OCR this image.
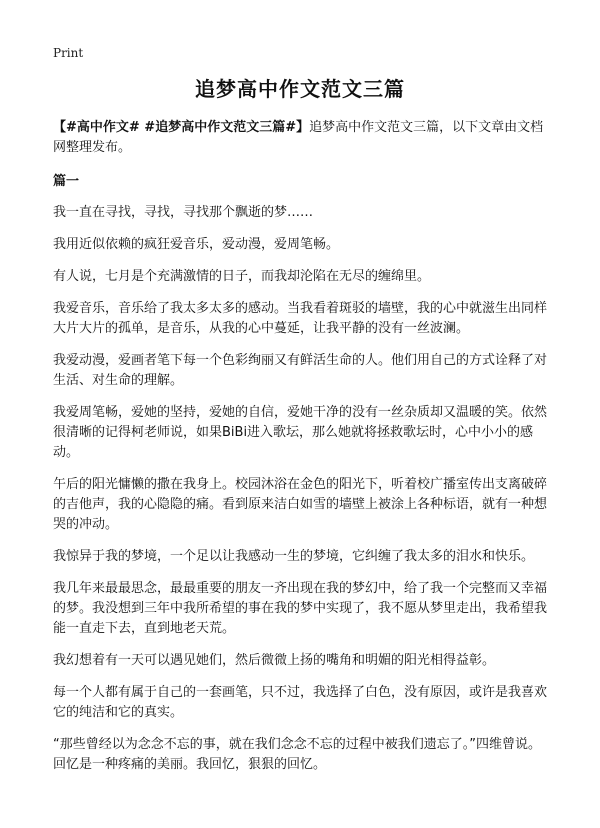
Print
追梦高中作文范文三篇

【#高中作文# #追梦高中作文范文三篇#】追梦高中作文范文三篇，以下文章由文档网整理发布。

篇一

我一直在寻找，寻找，寻找那个飘逝的梦……

我用近似依赖的疯狂爱音乐，爱动漫，爱周笔畅。

有人说，七月是个充满激情的日子，而我却沦陷在无尽的缠绵里。

我爱音乐，音乐给了我太多太多的感动。当我看着斑驳的墙壁，我的心中就滋生出同样大片大片的孤单，是音乐，从我的心中蔓延，让我平静的没有一丝波澜。

我爱动漫，爱画者笔下每一个色彩绚丽又有鲜活生命的人。他们用自己的方式诠释了对生活、对生命的理解。

我爱周笔畅，爱她的坚持，爱她的自信，爱她干净的没有一丝杂质却又温暖的笑。依然很清晰的记得柯老师说，如果BiBi进入歌坛，那么她就将拯救歌坛时，心中小小的感动。

午后的阳光慵懒的撒在我身上。校园沐浴在金色的阳光下，听着校广播室传出支离破碎的吉他声，我的心隐隐的痛。看到原来洁白如雪的墙壁上被涂上各种标语，就有一种想哭的冲动。

我惊异于我的梦境，一个足以让我感动一生的梦境，它纠缠了我太多的泪水和快乐。

我几年来最最思念，最最重要的朋友一齐出现在我的梦幻中，给了我一个完整而又幸福的梦。我没想到三年中我所希望的事在我的梦中实现了，我不愿从梦里走出，我希望我能一直走下去，直到地老天荒。

我幻想着有一天可以遇见她们，然后微微上扬的嘴角和明媚的阳光相得益彰。

每一个人都有属于自己的一套画笔，只不过，我选择了白色，没有原因，或许是我喜欢它的纯洁和它的真实。

“那些曾经以为念念不忘的事，就在我们念念不忘的过程中被我们遗忘了。”四维曾说。回忆是一种疼痛的美丽。我回忆，狠狠的回忆。
